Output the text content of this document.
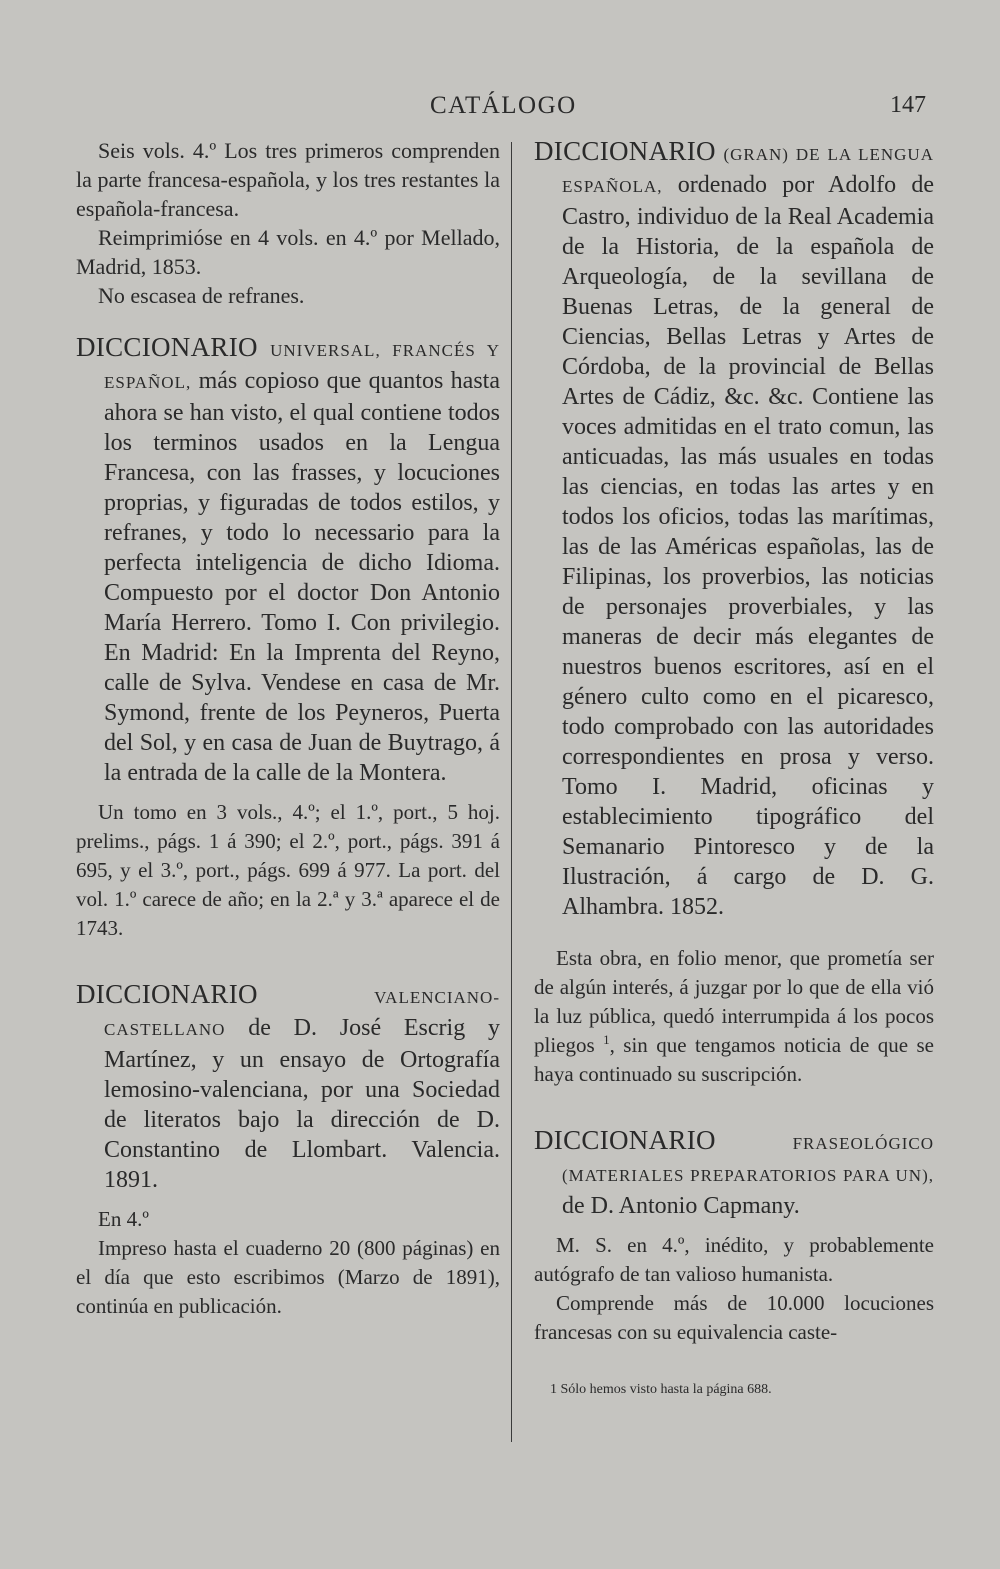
CATÁLOGO	147

Seis vols. 4.º Los tres primeros comprenden la parte francesa-española, y los tres restantes la española-francesa.

Reimprimióse en 4 vols. en 4.º por Mellado, Madrid, 1853.

No escasea de refranes.

DICCIONARIO UNIVERSAL, FRANCÉS Y ESPAÑOL, más copioso que quantos hasta ahora se han visto, el qual contiene todos los terminos usados en la Lengua Francesa, con las frasses, y locuciones proprias, y figuradas de todos estilos, y refranes, y todo lo necessario para la perfecta inteligencia de dicho Idioma. Compuesto por el doctor Don Antonio María Herrero. Tomo I. Con privilegio. En Madrid: En la Imprenta del Reyno, calle de Sylva. Vendese en casa de Mr. Symond, frente de los Peyneros, Puerta del Sol, y en casa de Juan de Buytrago, á la entrada de la calle de la Montera.

Un tomo en 3 vols., 4.º; el 1.º, port., 5 hoj. prelims., págs. 1 á 390; el 2.º, port., págs. 391 á 695, y el 3.º, port., págs. 699 á 977. La port. del vol. 1.º carece de año; en la 2.ª y 3.ª aparece el de 1743.

DICCIONARIO	VALENCIANO-CASTELLANO de D. José Escrig y Martínez, y un ensayo de Ortografía lemosino-valenciana, por una Sociedad de literatos bajo la dirección de D. Constantino de Llombart. Valencia. 1891.

En 4.º

Impreso hasta el cuaderno 20 (800 páginas) en el día que esto escribimos (Marzo de 1891), continúa en publicación.

DICCIONARIO (GRAN) DE LA LENGUA ESPAÑOLA, ordenado por Adolfo de Castro, individuo de la Real Academia de la Historia, de la española de Arqueología, de la sevillana de Buenas Letras, de la general de Ciencias, Bellas Letras y Artes de Córdoba, de la provincial de Bellas Artes de Cádiz, &c. &c. Contiene las voces admitidas en el trato comun, las anticuadas, las más usuales en todas las ciencias, en todas las artes y en todos los oficios, todas las marítimas, las de las Américas españolas, las de Filipinas, los proverbios, las noticias de personajes proverbiales, y las maneras de decir más elegantes de nuestros buenos escritores, así en el género culto como en el picaresco, todo comprobado con las autoridades correspondientes en prosa y verso. Tomo I. Madrid, oficinas y establecimiento tipográfico del Semanario Pintoresco y de la Ilustración, á cargo de D. G. Alhambra. 1852.

Esta obra, en folio menor, que prometía ser de algún interés, á juzgar por lo que de ella vió la luz pública, quedó interrumpida á los pocos pliegos $^1$, sin que tengamos noticia de que se haya continuado su suscripción.

DICCIONARIO	FRASEOLÓGICO (MATERIALES PREPARATORIOS PARA UN), de D. Antonio Capmany.

M. S. en 4.º, inédito, y probablemente autógrafo de tan valioso humanista.

Comprende más de 10.000 locuciones francesas con su equivalencia caste-

1 Sólo hemos visto hasta la página 688.
